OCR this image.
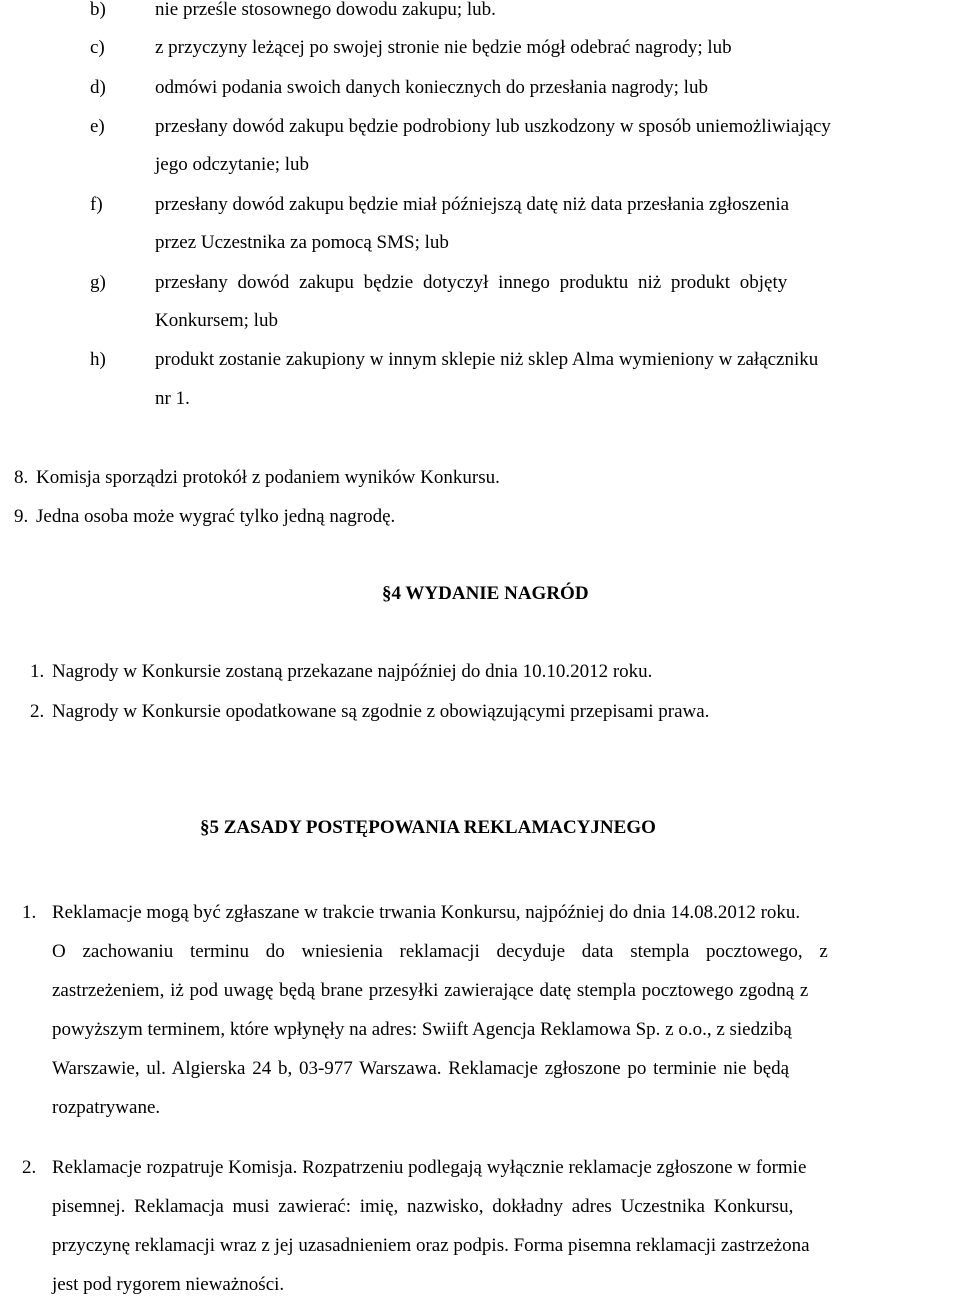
b)	nie prześle stosownego dowodu zakupu; lub.
c)	z przyczyny leżącej po swojej stronie nie będzie mógł odebrać nagrody; lub
d)	odmówi podania swoich danych koniecznych do przesłania nagrody; lub
e)	przesłany dowód zakupu będzie podrobiony lub uszkodzony w sposób uniemożliwiający
jego odczytanie; lub
f)	przesłany dowód zakupu będzie miał późniejszą datę niż data przesłania zgłoszenia
przez Uczestnika za pomocą SMS; lub
g)	przesłany dowód zakupu będzie dotyczył innego produktu niż produkt objęty
Konkursem; lub
h)	produkt zostanie zakupiony w innym sklepie niż sklep Alma wymieniony w załączniku
nr 1.
8. Komisja sporządzi protokół z podaniem wyników Konkursu.
9. Jedna osoba może wygrać tylko jedną nagrodę.
§4 WYDANIE NAGRÓD
1. Nagrody w Konkursie zostaną przekazane najpóźniej do dnia 10.10.2012 roku.
2. Nagrody w Konkursie opodatkowane są zgodnie z obowiązującymi przepisami prawa.
§5 ZASADY POSTĘPOWANIA REKLAMACYJNEGO
1. Reklamacje mogą być zgłaszane w trakcie trwania Konkursu, najpóźniej do dnia 14.08.2012 roku.
O zachowaniu terminu do wniesienia reklamacji decyduje data stempla pocztowego, z
zastrzeżeniem, iż pod uwagę będą brane przesyłki zawierające datę stempla pocztowego zgodną z
powyższym terminem, które wpłynęły na adres: Swiift Agencja Reklamowa Sp. z o.o., z siedzibą
Warszawie, ul. Algierska 24 b, 03-977 Warszawa. Reklamacje zgłoszone po terminie nie będą
rozpatrywane.
2. Reklamacje rozpatruje Komisja. Rozpatrzeniu podlegają wyłącznie reklamacje zgłoszone w formie
pisemnej. Reklamacja musi zawierać: imię, nazwisko, dokładny adres Uczestnika Konkursu,
przyczynę reklamacji wraz z jej uzasadnieniem oraz podpis. Forma pisemna reklamacji zastrzeżona
jest pod rygorem nieważności.
